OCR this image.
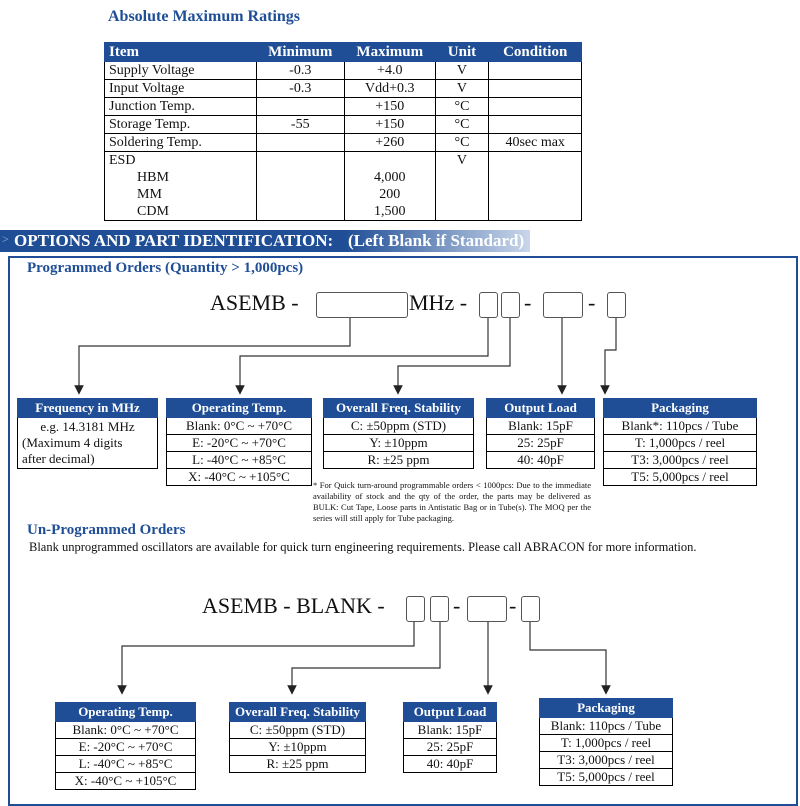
Absolute Maximum Ratings
Item	Minimum	Maximum	Unit	Condition
Supply Voltage	-0.3	+4.0	V	
Input Voltage	-0.3	Vdd+0.3	V	
Junction Temp.		+150	°C	
Storage Temp.	-55	+150	°C	
Soldering Temp.		+260	°C	40sec max
ESD			V	
HBM		4,000		
MM		200		
CDM		1,500		
> OPTIONS AND PART IDENTIFICATION: (Left Blank if Standard)
Programmed Orders (Quantity > 1,000pcs)
ASEMB -	MHz -	-	-
Frequency in MHz
e.g. 14.3181 MHz
(Maximum 4 digits
after decimal)
Operating Temp.
Blank: 0°C ~ +70°C
E: -20°C ~ +70°C
L: -40°C ~ +85°C
X: -40°C ~ +105°C
Overall Freq. Stability
C: ±50ppm (STD)
Y: ±10ppm
R: ±25 ppm
Output Load
Blank: 15pF
25: 25pF
40: 40pF
Packaging
Blank*: 110pcs / Tube
T: 1,000pcs / reel
T3: 3,000pcs / reel
T5: 5,000pcs / reel
* For Quick turn-around programmable orders < 1000pcs: Due to the immediate availability of stock and the qty of the order, the parts may be delivered as BULK: Cut Tape, Loose parts in Antistatic Bag or in Tube(s). The MOQ per the series will still apply for Tube packaging.
Un-Programmed Orders
Blank unprogrammed oscillators are available for quick turn engineering requirements. Please call ABRACON for more information.
ASEMB - BLANK -	- -
Operating Temp.
Blank: 0°C ~ +70°C
E: -20°C ~ +70°C
L: -40°C ~ +85°C
X: -40°C ~ +105°C
Overall Freq. Stability
C: ±50ppm (STD)
Y: ±10ppm
R: ±25 ppm
Output Load
Blank: 15pF
25: 25pF
40: 40pF
Packaging
Blank: 110pcs / Tube
T: 1,000pcs / reel
T3: 3,000pcs / reel
T5: 5,000pcs / reel
